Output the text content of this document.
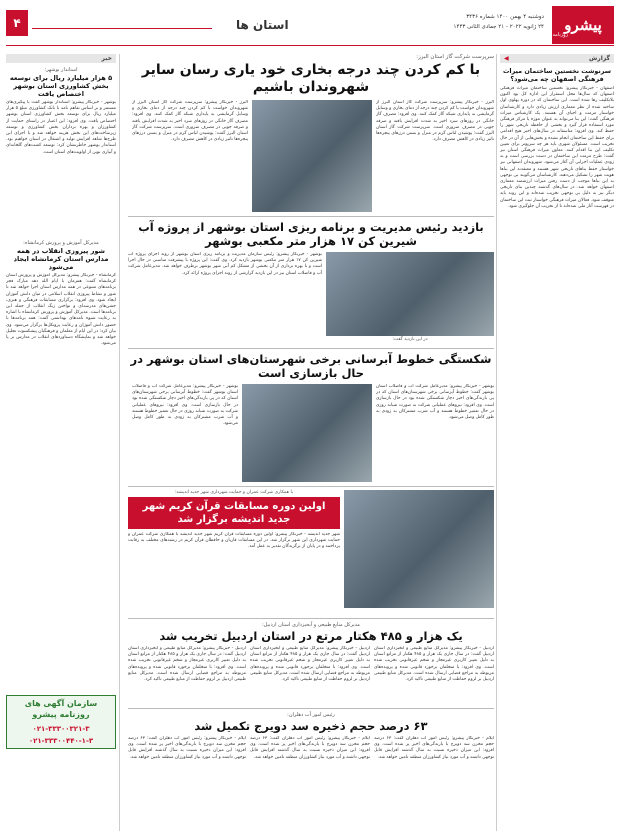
پیشرو
روزنامه
دوشنبه ۴ بهمن ۱۴۰۰ شماره ۳۴۳۶
۲۴ ژانویه ۲۰۲۲ - ۲۱ جمادی الثانی ۱۴۴۳
استان ها
۴
خبر
استاندار بوشهر:
۵ هزار میلیارد ریال برای توسعه بخش کشاورزی استان بوشهر اختصاص یافت
بوشهر - خبرنگار پیشرو: استاندار بوشهر گفت با پیگیری‌های مستمر و بر اساس تفاهم نامه با بانک کشاورزی مبلغ ۵ هزار میلیارد ریال برای توسعه بخش کشاورزی استان بوشهر اختصاص یافت. وی افزود: این اعتبار در راستای حمایت از کشاورزان و بهره برداران بخش کشاورزی و توسعه زیرساخت‌های این بخش هزینه خواهد شد و با اجرای این طرح‌ها شاهد افزایش تولید و اشتغال در استان خواهیم بود. استاندار بوشهر خاطرنشان کرد: توسعه کشت‌های گلخانه‌ای و آبیاری نوین از اولویت‌های استان است.
مدیرکل آموزش و پرورش کرمانشاه:
شور پیروزی انقلاب در همه مدارس استان کرمانشاه ایجاد می‌شود
کرمانشاه - خبرنگار پیشرو: مدیرکل آموزش و پرورش استان کرمانشاه گفت: همزمان با ایام الله دهه مبارک فجر برنامه‌های متنوعی در همه مدارس استان اجرا خواهد شد تا شور و نشاط پیروزی انقلاب اسلامی در میان دانش آموزان ایجاد شود. وی افزود: برگزاری مسابقات فرهنگی و هنری، جشن‌های مدرسه‌ای و نواختن زنگ انقلاب از جمله این برنامه‌ها است. مدیرکل آموزش و پرورش کرمانشاه با اشاره به رعایت شیوه نامه‌های بهداشتی گفت: همه برنامه‌ها با حضور دانش آموزان و رعایت پروتکل‌ها برگزار می‌شود. وی بیان کرد: در این ایام از معلمان و فرهنگیان پیشکسوت تجلیل خواهد شد و نمایشگاه دستاوردهای انقلاب در مدارس بر پا می‌شود.
سازمان آگهی های
روزنامه پیشرو
۰۲۱-۳۳۳۰۰۳۲۱-۳
۰۲۱-۳۳۳۰۰۴۴۰-۱-۳
گزارش
◀
سرنوشت نخستین ساختمان میراث فرهنگی اصفهان چه می‌شود؟
اصفهان - خبرنگار پیشرو: نخستین ساختمان میراث فرهنگی اصفهان که سال‌ها محل استقرار این اداره کل بود اکنون بلاتکلیف رها شده است. این ساختمان که در دوره پهلوی اول ساخته شده از نظر معماری ارزش زیادی دارد و کارشناسان خواستار مرمت و احیای آن هستند. یک کارشناس میراث فرهنگی گفت: این بنا می‌تواند به عنوان موزه یا مرکز فرهنگی مورد استفاده قرار گیرد و بخشی از حافظه تاریخی شهر را حفظ کند. وی افزود: متاسفانه در سال‌های اخیر هیچ اقدامی برای حفظ این ساختمان انجام نشده و بخش‌هایی از آن در حال تخریب است. مسئولان شهری باید هر چه سریع‌تر برای تعیین تکلیف این بنا اقدام کنند. معاون میراث فرهنگی استان نیز گفت: طرح مرمت این ساختمان در دست بررسی است و به زودی عملیات اجرایی آن آغاز می‌شود. شهروندان اصفهانی نیز خواستار حفظ بناهای تاریخی شهر هستند و معتقدند این بناها هویت شهر را تشکیل می‌دهند. کارشناسان می‌گویند بی توجهی به این بناها موجب از دست رفتن میراث ارزشمند معماری اصفهان خواهد شد. در سال‌های گذشته چندین بنای تاریخی دیگر نیز به دلیل بی توجهی تخریب شده‌اند و این روند باید متوقف شود. فعالان میراث فرهنگی خواستار ثبت این ساختمان در فهرست آثار ملی شده‌اند تا از تخریب آن جلوگیری شود.
سرپرست شرکت گاز استان البرز:
با کم کردن چند درجه بخاری خود یاری رسان سایر شهروندان باشیم
البرز - خبرنگار پیشرو: سرپرست شرکت گاز استان البرز از شهروندان خواست با کم کردن چند درجه از دمای بخاری و وسایل گرمایشی به پایداری شبکه گاز کمک کنند. وی افزود: مصرف گاز خانگی در روزهای سرد اخیر به شدت افزایش یافته و صرفه جویی در مصرف ضروری است. سرپرست شرکت گاز استان البرز گفت: پوشیدن لباس گرم در منزل و بستن درزهای پنجره‌ها تاثیر زیادی در کاهش مصرف دارد.
البرز - خبرنگار پیشرو: سرپرست شرکت گاز استان البرز از شهروندان خواست با کم کردن چند درجه از دمای بخاری و وسایل گرمایشی به پایداری شبکه گاز کمک کنند. وی افزود: مصرف گاز خانگی در روزهای سرد اخیر به شدت افزایش یافته و صرفه جویی در مصرف ضروری است. سرپرست شرکت گاز استان البرز گفت: پوشیدن لباس گرم در منزل و بستن درزهای پنجره‌ها تاثیر زیادی در کاهش مصرف دارد.
بازدید رئیس مدیریت و برنامه ریزی استان بوشهر از پروژه آب شیرین کن ۱۷ هزار متر مکعبی بوشهر
در این بازدید گفت:
بوشهر - خبرنگار پیشرو: رئیس سازمان مدیریت و برنامه ریزی استان بوشهر از روند اجرای پروژه آب شیرین کن ۱۷ هزار متر مکعبی بوشهر بازدید کرد. وی گفت: این پروژه با پیشرفت مناسبی در حال اجرا است و با بهره برداری از آن بخشی از مشکل کم آبی شهر بوشهر برطرف خواهد شد. مدیرعامل شرکت آب و فاضلاب استان نیز در این بازدید گزارشی از روند اجرای پروژه ارائه کرد.
شکستگی خطوط آبرسانی برخی شهرستان‌های استان بوشهر در حال بازسازی است
بوشهر - خبرنگار پیشرو: مدیرعامل شرکت آب و فاضلاب استان بوشهر گفت: خطوط آبرسانی برخی شهرستان‌های استان که در پی بارندگی‌های اخیر دچار شکستگی شده بود در حال بازسازی است. وی افزود: نیروهای عملیاتی شرکت به صورت شبانه روزی در حال تعمیر خطوط هستند و آب شرب مشترکان به زودی به طور کامل وصل می‌شود.
بوشهر - خبرنگار پیشرو: مدیرعامل شرکت آب و فاضلاب استان بوشهر گفت: خطوط آبرسانی برخی شهرستان‌های استان که در پی بارندگی‌های اخیر دچار شکستگی شده بود در حال بازسازی است. وی افزود: نیروهای عملیاتی شرکت به صورت شبانه روزی در حال تعمیر خطوط هستند و آب شرب مشترکان به زودی به طور کامل وصل می‌شود.
با همکاری شرکت عمران و حمایت شهرداری شهر جدید اندیشه:
اولین دوره مسابقات قرآن کریم شهر جدید اندیشه برگزار شد
شهر جدید اندیشه - خبرنگار پیشرو: اولین دوره مسابقات قرآن کریم شهر جدید اندیشه با همکاری شرکت عمران و حمایت شهرداری این شهر برگزار شد. در این مسابقات قاریان و حافظان قرآن کریم در رشته‌های مختلف به رقابت پرداختند و در پایان از برگزیدگان تقدیر به عمل آمد.
مدیرکل منابع طبیعی و آبخیزداری استان اردبیل:
یک هزار و ۴۸۵ هکتار مرتع در استان اردبیل تخریب شد
اردبیل - خبرنگار پیشرو: مدیرکل منابع طبیعی و آبخیزداری استان اردبیل گفت: در سال جاری یک هزار و ۴۸۵ هکتار از مراتع استان به دلیل تغییر کاربری غیرمجاز و شخم غیرقانونی تخریب شده است. وی افزود: با متخلفان برخورد قانونی شده و پرونده‌های مربوطه به مراجع قضایی ارسال شده است. مدیرکل منابع طبیعی اردبیل بر لزوم حفاظت از منابع طبیعی تاکید کرد.
اردبیل - خبرنگار پیشرو: مدیرکل منابع طبیعی و آبخیزداری استان اردبیل گفت: در سال جاری یک هزار و ۴۸۵ هکتار از مراتع استان به دلیل تغییر کاربری غیرمجاز و شخم غیرقانونی تخریب شده است. وی افزود: با متخلفان برخورد قانونی شده و پرونده‌های مربوطه به مراجع قضایی ارسال شده است. مدیرکل منابع طبیعی اردبیل بر لزوم حفاظت از منابع طبیعی تاکید کرد.
اردبیل - خبرنگار پیشرو: مدیرکل منابع طبیعی و آبخیزداری استان اردبیل گفت: در سال جاری یک هزار و ۴۸۵ هکتار از مراتع استان به دلیل تغییر کاربری غیرمجاز و شخم غیرقانونی تخریب شده است. وی افزود: با متخلفان برخورد قانونی شده و پرونده‌های مربوطه به مراجع قضایی ارسال شده است. مدیرکل منابع طبیعی اردبیل بر لزوم حفاظت از منابع طبیعی تاکید کرد.
رئیس امور آب دهلران:
۶۳ درصد حجم ذخیره سد دویرج تکمیل شد
ایلام - خبرنگار پیشرو: رئیس امور آب دهلران گفت: ۶۳ درصد حجم مخزن سد دویرج با بارندگی‌های اخیر پر شده است. وی افزود: این میزان ذخیره نسبت به سال گذشته افزایش قابل توجهی داشته و آب مورد نیاز کشاورزان منطقه تامین خواهد شد.
ایلام - خبرنگار پیشرو: رئیس امور آب دهلران گفت: ۶۳ درصد حجم مخزن سد دویرج با بارندگی‌های اخیر پر شده است. وی افزود: این میزان ذخیره نسبت به سال گذشته افزایش قابل توجهی داشته و آب مورد نیاز کشاورزان منطقه تامین خواهد شد.
ایلام - خبرنگار پیشرو: رئیس امور آب دهلران گفت: ۶۳ درصد حجم مخزن سد دویرج با بارندگی‌های اخیر پر شده است. وی افزود: این میزان ذخیره نسبت به سال گذشته افزایش قابل توجهی داشته و آب مورد نیاز کشاورزان منطقه تامین خواهد شد.
